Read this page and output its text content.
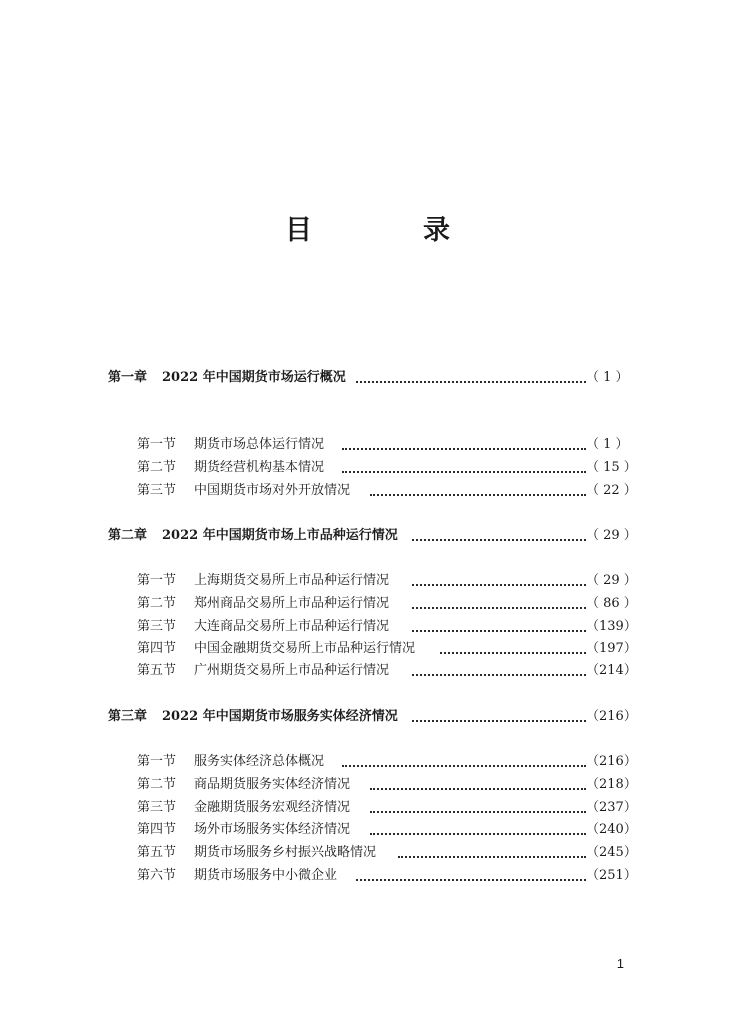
目　录
第一章 2022 年中国期货市场运行概况	（ 1 ）
第一节 期货市场总体运行情况	（ 1 ）
第二节 期货经营机构基本情况	（ 15 ）
第三节 中国期货市场对外开放情况	（ 22 ）
第二章 2022 年中国期货市场上市品种运行情况	（ 29 ）
第一节 上海期货交易所上市品种运行情况	（ 29 ）
第二节 郑州商品交易所上市品种运行情况	（ 86 ）
第三节 大连商品交易所上市品种运行情况	（139）
第四节 中国金融期货交易所上市品种运行情况	（197）
第五节 广州期货交易所上市品种运行情况	（214）
第三章 2022 年中国期货市场服务实体经济情况	（216）
第一节 服务实体经济总体概况	（216）
第二节 商品期货服务实体经济情况	（218）
第三节 金融期货服务宏观经济情况	（237）
第四节 场外市场服务实体经济情况	（240）
第五节 期货市场服务乡村振兴战略情况	（245）
第六节 期货市场服务中小微企业	（251）
1
